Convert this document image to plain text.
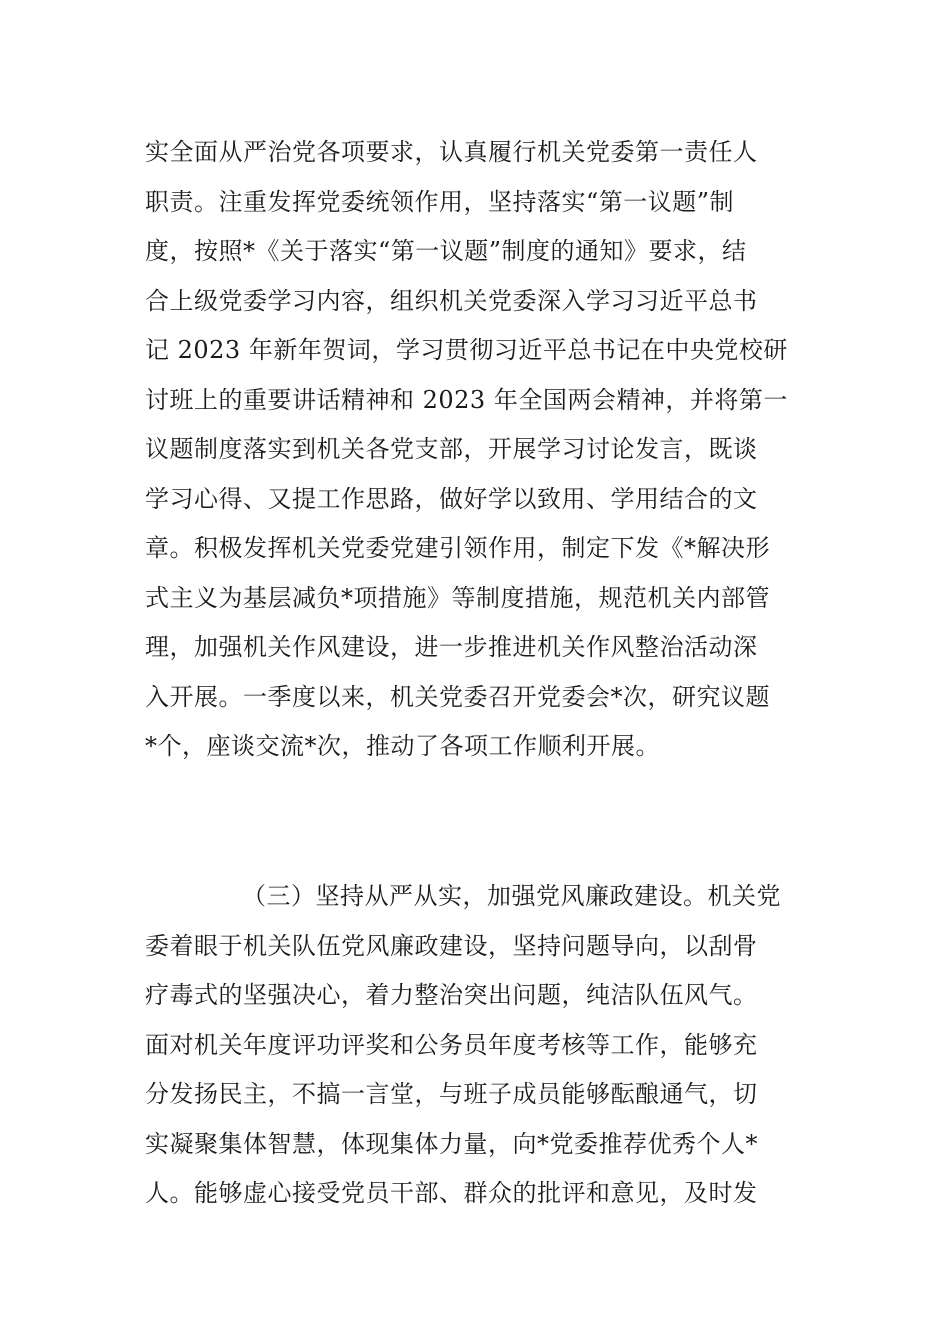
实全面从严治党各项要求，认真履行机关党委第一责任人
职责。注重发挥党委统领作用，坚持落实“第一议题”制
度，按照*《关于落实“第一议题”制度的通知》要求，结
合上级党委学习内容，组织机关党委深入学习习近平总书
记 2023 年新年贺词，学习贯彻习近平总书记在中央党校研
讨班上的重要讲话精神和 2023 年全国两会精神，并将第一
议题制度落实到机关各党支部，开展学习讨论发言，既谈
学习心得、又提工作思路，做好学以致用、学用结合的文
章。积极发挥机关党委党建引领作用，制定下发《*解决形
式主义为基层减负*项措施》等制度措施，规范机关内部管
理，加强机关作风建设，进一步推进机关作风整治活动深
入开展。一季度以来，机关党委召开党委会*次，研究议题
*个，座谈交流*次，推动了各项工作顺利开展。
（三）坚持从严从实，加强党风廉政建设。机关党
委着眼于机关队伍党风廉政建设，坚持问题导向，以刮骨
疗毒式的坚强决心，着力整治突出问题，纯洁队伍风气。
面对机关年度评功评奖和公务员年度考核等工作，能够充
分发扬民主，不搞一言堂，与班子成员能够酝酿通气，切
实凝聚集体智慧，体现集体力量，向*党委推荐优秀个人*
人。能够虚心接受党员干部、群众的批评和意见，及时发
